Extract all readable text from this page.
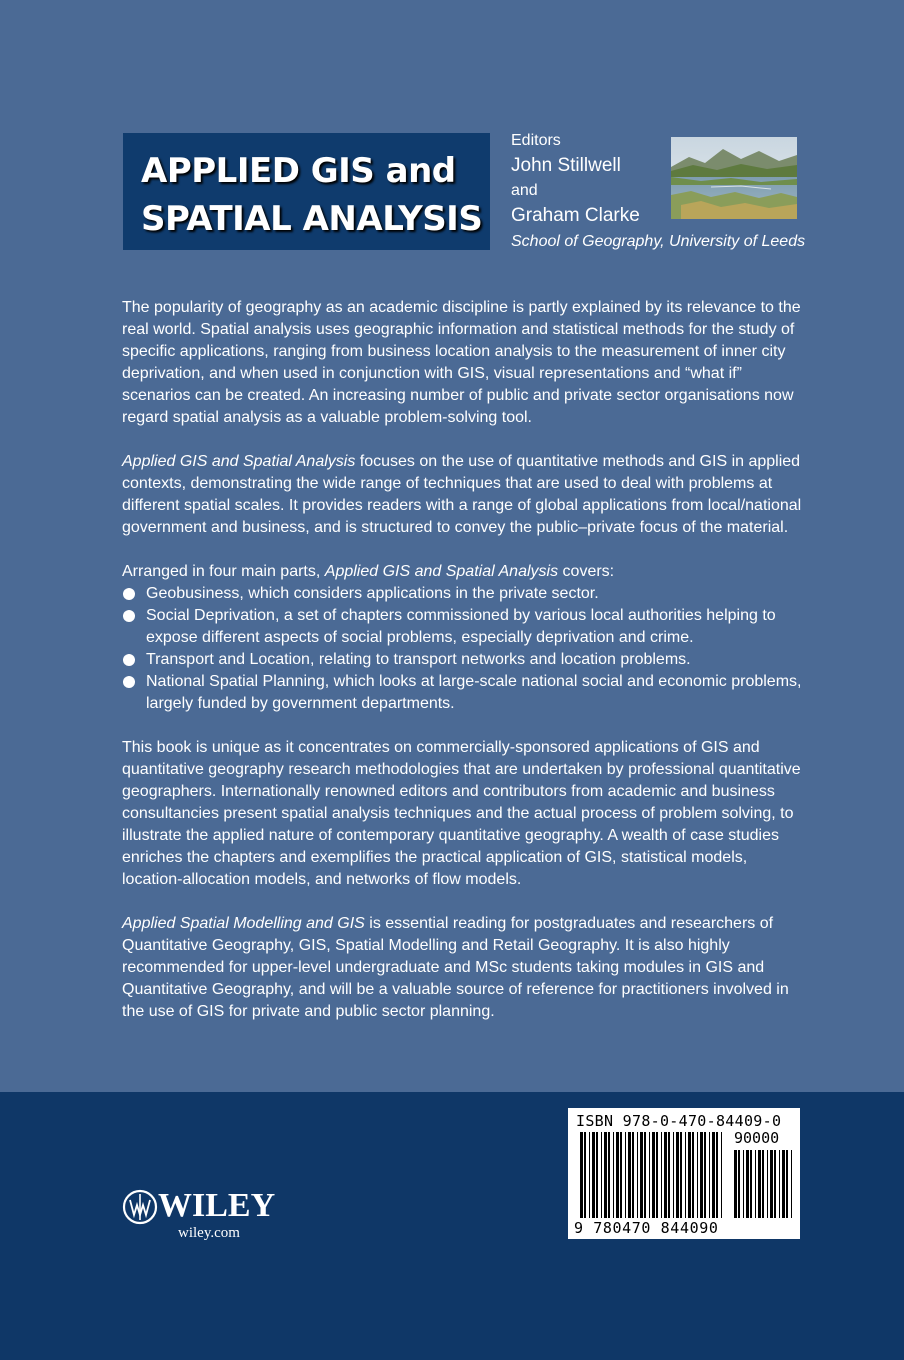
APPLIED GIS and
SPATIAL ANALYSIS
Editors
John Stillwell
and
Graham Clarke
School of Geography, University of Leeds

The popularity of geography as an academic discipline is partly explained by its relevance to the real world. Spatial analysis uses geographic information and statistical methods for the study of specific applications, ranging from business location analysis to the measurement of inner city deprivation, and when used in conjunction with GIS, visual representations and “what if” scenarios can be created. An increasing number of public and private sector organisations now regard spatial analysis as a valuable problem-solving tool.

Applied GIS and Spatial Analysis focuses on the use of quantitative methods and GIS in applied contexts, demonstrating the wide range of techniques that are used to deal with problems at different spatial scales. It provides readers with a range of global applications from local/national government and business, and is structured to convey the public–private focus of the material.

Arranged in four main parts, Applied GIS and Spatial Analysis covers:
Geobusiness, which considers applications in the private sector.
Social Deprivation, a set of chapters commissioned by various local authorities helping to expose different aspects of social problems, especially deprivation and crime.
Transport and Location, relating to transport networks and location problems.
National Spatial Planning, which looks at large-scale national social and economic problems, largely funded by government departments.

This book is unique as it concentrates on commercially-sponsored applications of GIS and quantitative geography research methodologies that are undertaken by professional quantitative geographers. Internationally renowned editors and contributors from academic and business consultancies present spatial analysis techniques and the actual process of problem solving, to illustrate the applied nature of contemporary quantitative geography. A wealth of case studies enriches the chapters and exemplifies the practical application of GIS, statistical models, location-allocation models, and networks of flow models.

Applied Spatial Modelling and GIS is essential reading for postgraduates and researchers of Quantitative Geography, GIS, Spatial Modelling and Retail Geography. It is also highly recommended for upper-level undergraduate and MSc students taking modules in GIS and Quantitative Geography, and will be a valuable source of reference for practitioners involved in the use of GIS for private and public sector planning.

WILEY
wiley.com
ISBN 978-0-470-84409-0
90000
9 780470 844090
